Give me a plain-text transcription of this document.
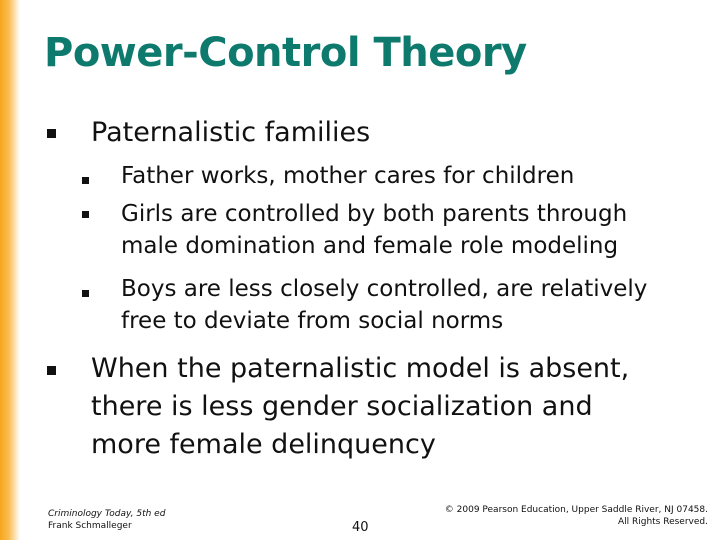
Power-Control Theory
Paternalistic families
Father works, mother cares for children
Girls are controlled by both parents through male domination and female role modeling
Boys are less closely controlled, are relatively free to deviate from social norms
When the paternalistic model is absent, there is less gender socialization and more female delinquency
Criminology Today, 5th ed
Frank Schmalleger	40
© 2009 Pearson Education, Upper Saddle River, NJ 07458.
All Rights Reserved.
